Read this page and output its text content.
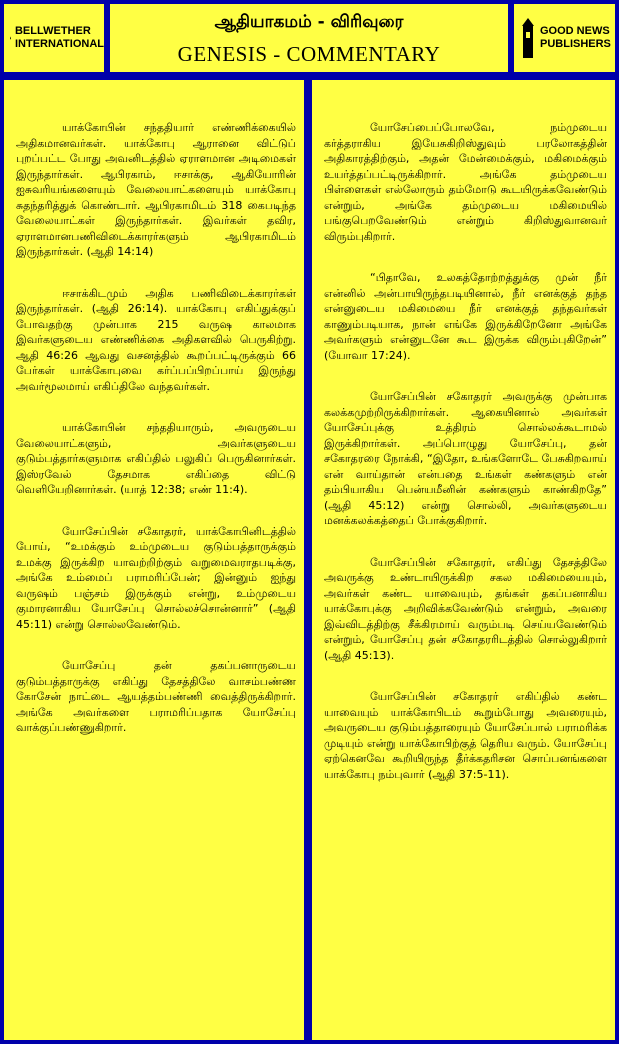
BELLWETHER
INTERNATIONAL
ஆதியாகமம் - விரிவுரை
GENESIS - COMMENTARY
GOOD NEWS
PUBLISHERS

யாக்கோபின் சந்ததியார் எண்ணிக்கையில் அதிகமானவர்கள். யாக்கோபு ஆரானை விட்டுப் புறப்பட்ட போது அவனிடத்தில் ஏராளமான அடிமைகள் இருந்தார்கள். ஆபிரகாம், ஈசாக்கு, ஆகியோரின் ஐசுவரியங்களையும் வேலையாட்களையும் யாக்கோபு சுதந்தரித்துக் கொண்டார். ஆபிரகாமிடம் 318 கைபடிந்த வேலையாட்கள் இருந்தார்கள். இவர்கள் தவிர, ஏராளமானபணிவிடைக்காரர்களும் ஆபிரகாமிடம் இருந்தார்கள். (ஆதி 14:14)

ஈசாக்கிடமும் அதிக பணிவிடைக்காரர்கள் இருந்தார்கள். (ஆதி 26:14). யாக்கோபு எகிப்துக்குப் போவதற்கு முன்பாக 215 வருஷ காலமாக இவர்களுடைய எண்ணிக்கை அதிகளவில் பெருகிற்று. ஆதி 46:26 ஆவது வசனத்தில் கூறப்பட்டிருக்கும் 66 பேர்கள் யாக்கோபுவை கர்ப்பப்பிறப்பாய் இருந்து அவர்மூலமாய் எகிப்திலே வந்தவர்கள்.

யாக்கோபின் சந்ததியாரும், அவருடைய வேலையாட்களும், அவர்களுடைய குடும்பத்தார்களுமாக எகிப்தில் பலுகிப் பெருகினார்கள். இஸ்ரவேல் தேசமாக எகிப்தை விட்டு வெளியேறினார்கள். (யாத் 12:38; எண் 11:4).

யோசேப்பின் சகோதரர், யாக்கோபினிடத்தில் போய், “உமக்கும் உம்முடைய குடும்பத்தாருக்கும் உமக்கு இருக்கிற யாவற்றிற்கும் வறுமைவராதபடிக்கு, அங்கே உம்மைப் பராமரிப்பேன்; இன்னும் ஐந்து வருஷம் பஞ்சம் இருக்கும் என்று, உம்முடைய குமாரனாகிய யோசேப்பு சொல்லச்சொன்னார்” (ஆதி 45:11) என்று சொல்லவேண்டும்.

யோசேப்பு தன் தகப்பனாருடைய குடும்பத்தாருக்கு எகிப்து தேசத்திலே வாசம்பண்ண கோசேன் நாட்டை ஆயத்தம்பண்ணி வைத்திருக்கிறார். அங்கே அவர்களை பராமரிப்பதாக யோசேப்பு வாக்குப்பண்ணுகிறார்.

யோசேப்பைப்போலவே, நம்முடைய கர்த்தராகிய இயேசுகிறிஸ்துவும் பரலோகத்தின் அதிகாரத்திற்கும், அதன் மேன்மைக்கும், மகிமைக்கும் உயர்த்தப்பட்டிருக்கிறார். அங்கே தம்முடைய பிள்ளைகள் எல்லோரும் தம்மோடு கூடயிருக்கவேண்டும் என்றும், அங்கே தம்முடைய மகிமையில் பங்குபெறவேண்டும் என்றும் கிறிஸ்துவானவர் விரும்புகிறார்.

“பிதாவே, உலகத்தோற்றத்துக்கு முன் நீர் என்னில் அன்பாயிருந்தபடியினால், நீர் எனக்குத் தந்த என்னுடைய மகிமையை நீர் எனக்குத் தந்தவர்கள் காணும்படியாக, நான் எங்கே இருக்கிறேனோ அங்கே அவர்களும் என்னுடனே கூட இருக்க விரும்புகிறேன்” (யோவா 17:24).

யோசேப்பின் சகோதரர் அவருக்கு முன்பாக கலக்கமுற்றிருக்கிறார்கள். ஆகையினால் அவர்கள் யோசேப்புக்கு உத்திரம் சொல்லக்கூடாமல் இருக்கிறார்கள். அப்பொழுது யோசேப்பு, தன் சகோதரரை நோக்கி, “இதோ, உங்களோடே பேசுகிறவாய் என் வாய்தான் என்பதை உங்கள் கண்களும் என் தம்பியாகிய பென்யமீனின் கண்களும் காண்கிறதே” (ஆதி 45:12) என்று சொல்லி, அவர்களுடைய மனக்கலக்கத்தைப் போக்குகிறார்.

யோசேப்பின் சகோதரர், எகிப்து தேசத்திலே அவருக்கு உண்டாயிருக்கிற சகல மகிமையையும், அவர்கள் கண்ட யாவையும், தங்கள் தகப்பனாகிய யாக்கோபுக்கு அறிவிக்கவேண்டும் என்றும், அவரை இவ்விடத்திற்கு சீக்கிரமாய் வரும்படி செய்யவேண்டும் என்றும், யோசேப்பு தன் சகோதரரிடத்தில் சொல்லுகிறார் (ஆதி 45:13).

யோசேப்பின் சகோதரர் எகிப்தில் கண்ட யாவையும் யாக்கோபிடம் கூறும்போது அவரையும், அவருடைய குடும்பத்தாரையும் யோசேப்பால் பராமரிக்க முடியும் என்று யாக்கோபிற்குத் தெரிய வரும். யோசேப்பு ஏற்கெனவே கூறியிருந்த தீர்க்கதரிசன சொப்பனங்களை யாக்கோபு நம்புவார் (ஆதி 37:5-11).
